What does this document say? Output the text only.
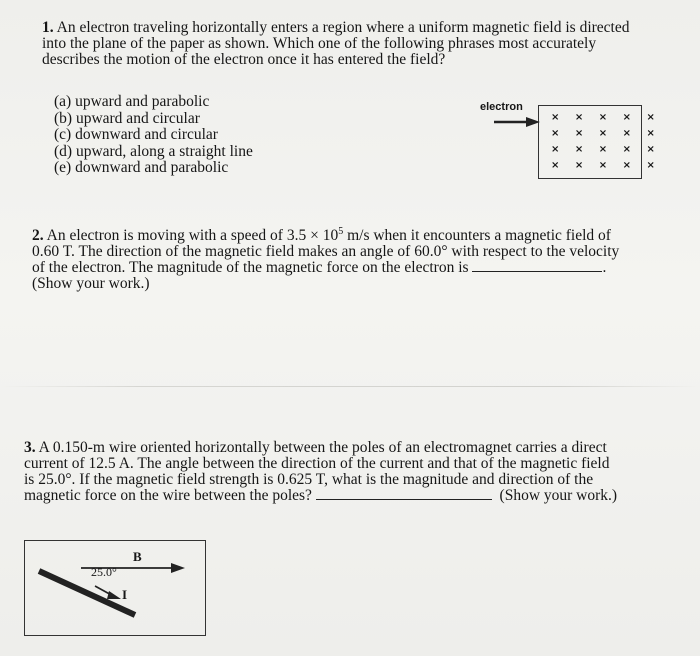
1. An electron traveling horizontally enters a region where a uniform magnetic field is directed
into the plane of the paper as shown. Which one of the following phrases most accurately
describes the motion of the electron once it has entered the field?
(a) upward and parabolic
(b) upward and circular
(c) downward and circular
(d) upward, along a straight line
(e) downward and parabolic
electron
× × × × ×
× × × × ×
× × × × ×
× × × × ×
2. An electron is moving with a speed of $3.5 \times 10^5$ m/s when it encounters a magnetic field of
0.60 T. The direction of the magnetic field makes an angle of 60.0° with respect to the velocity
of the electron. The magnitude of the magnetic force on the electron is	.
(Show your work.)
3. A 0.150-m wire oriented horizontally between the poles of an electromagnet carries a direct
current of 12.5 A. The angle between the direction of the current and that of the magnetic field
is 25.0°. If the magnetic field strength is 0.625 T, what is the magnitude and direction of the
magnetic force on the wire between the poles?	(Show your work.)
B
25.0°
I
